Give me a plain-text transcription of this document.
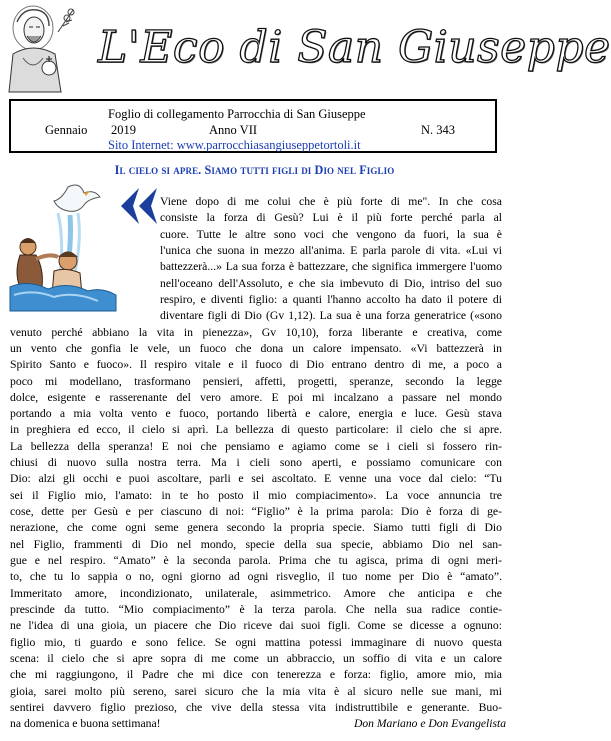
L'Eco di San Giuseppe
Foglio di collegamento Parrocchia di San Giuseppe
Gennaio 2019	Anno VII	N. 343
Sito Internet: www.parrocchiasangiuseppetortoli.it
Il cielo si apre. Siamo tutti figli di Dio nel Figlio
Viene dopo di me colui che è più forte di me". In che cosa
consiste la forza di Gesù? Lui è il più forte perché parla al
cuore. Tutte le altre sono voci che vengono da fuori, la sua è
l'unica che suona in mezzo all'anima. E parla parole di vita. «Lui vi
battezzerà...» La sua forza è battezzare, che significa immergere l'uomo
nell'oceano dell'Assoluto, e che sia imbevuto di Dio, intriso del suo
respiro, e diventi figlio: a quanti l'hanno accolto ha dato il potere di
diventare figli di Dio (Gv 1,12). La sua è una forza generatrice («sono
venuto perché abbiano la vita in pienezza», Gv 10,10), forza liberante e creativa, come
un vento che gonfia le vele, un fuoco che dona un calore impensato. «Vi battezzerà in
Spirito Santo e fuoco». Il respiro vitale e il fuoco di Dio entrano dentro di me, a poco a
poco mi modellano, trasformano pensieri, affetti, progetti, speranze, secondo la legge
dolce, esigente e rasserenante del vero amore. E poi mi incalzano a passare nel mondo
portando a mia volta vento e fuoco, portando libertà e calore, energia e luce. Gesù stava
in preghiera ed ecco, il cielo si aprì. La bellezza di questo particolare: il cielo che si apre.
La bellezza della speranza! E noi che pensiamo e agiamo come se i cieli si fossero rin-
chiusi di nuovo sulla nostra terra. Ma i cieli sono aperti, e possiamo comunicare con
Dio: alzi gli occhi e puoi ascoltare, parli e sei ascoltato. E venne una voce dal cielo: “Tu
sei il Figlio mio, l'amato: in te ho posto il mio compiacimento». La voce annuncia tre
cose, dette per Gesù e per ciascuno di noi: “Figlio” è la prima parola: Dio è forza di ge-
nerazione, che come ogni seme genera secondo la propria specie. Siamo tutti figli di Dio
nel Figlio, frammenti di Dio nel mondo, specie della sua specie, abbiamo Dio nel san-
gue e nel respiro. “Amato” è la seconda parola. Prima che tu agisca, prima di ogni meri-
to, che tu lo sappia o no, ogni giorno ad ogni risveglio, il tuo nome per Dio è “amato”.
Immeritato amore, incondizionato, unilaterale, asimmetrico. Amore che anticipa e che
prescinde da tutto. “Mio compiacimento” è la terza parola. Che nella sua radice contie-
ne l'idea di una gioia, un piacere che Dio riceve dai suoi figli. Come se dicesse a ognuno:
figlio mio, ti guardo e sono felice. Se ogni mattina potessi immaginare di nuovo questa
scena: il cielo che si apre sopra di me come un abbraccio, un soffio di vita e un calore
che mi raggiungono, il Padre che mi dice con tenerezza e forza: figlio, amore mio, mia
gioia, sarei molto più sereno, sarei sicuro che la mia vita è al sicuro nelle sue mani, mi
sentirei davvero figlio prezioso, che vive della stessa vita indistruttibile e generante. Buo-
na domenica e buona settimana!	Don Mariano e Don Evangelista
